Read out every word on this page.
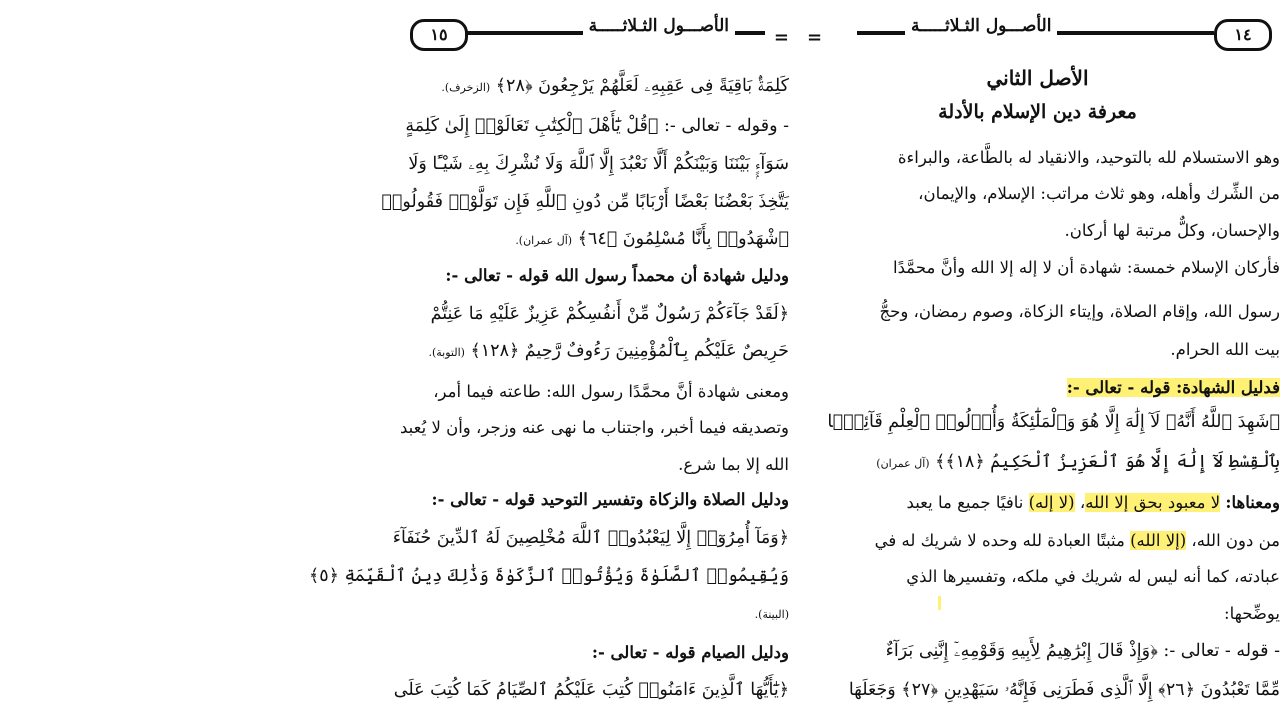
١٤
الأصـــول الثـلاثـــــة
=
الأصل الثاني
معرفة دين الإسلام بالأدلة
وهو الاستسلام لله بالتوحيد، والانقياد له بالطَّاعة، والبراءة
من الشِّرك وأهله، وهو ثلاث مراتب: الإسلام، والإيمان،
والإحسان، وكلٌّ مرتبة لها أركان.
فأركان الإسلام خمسة: شهادة أن لا إله إلا الله وأنَّ محمَّدًا
رسول الله، وإقام الصلاة، وإيتاء الزكاة، وصوم رمضان، وحجُّ
بيت الله الحرام.
فدليل الشهادة: قوله - تعالى -:
﴿شَهِدَ ٱللَّهُ أَنَّهُۥ لَآ إِلَٰهَ إِلَّا هُوَ وَٱلْمَلَٰٓئِكَةُ وَأُو۟لُوا۟ ٱلْعِلْمِ قَآئِمًۢا
بِٱلْقِسْطِ لَآ إِلَٰهَ إِلَّا هُوَ ٱلْعَزِيزُ ٱلْحَكِيمُ ﴿١٨﴾﴾ (آل عمران)
ومعناها: لا معبود بحق إلا الله، (لا إله) نافيًا جميع ما يعبد
من دون الله، (إلا الله) مثبتًا العبادة لله وحده لا شريك له في
عبادته، كما أنه ليس له شريك في ملكه، وتفسيرها الذي
يوضِّحها:
- قوله - تعالى -: ﴿وَإِذْ قَالَ إِبْرَٰهِيمُ لِأَبِيهِ وَقَوْمِهِۦٓ إِنَّنِى بَرَآءٌ
مِّمَّا تَعْبُدُونَ ﴿٢٦﴾ إِلَّا ٱلَّذِى فَطَرَنِى فَإِنَّهُۥ سَيَهْدِينِ ﴿٢٧﴾ وَجَعَلَهَا
=
الأصـــول الثـلاثـــــة
١٥
كَلِمَةًۢ بَاقِيَةً فِى عَقِبِهِۦ لَعَلَّهُمْ يَرْجِعُونَ ﴿٢٨﴾ (الزخرف).
- وقوله - تعالى -: ﴿قُلْ يَٰٓأَهْلَ ٱلْكِتَٰبِ تَعَالَوْا۟ إِلَىٰ كَلِمَةٍ
سَوَآءٍۭ بَيْنَنَا وَبَيْنَكُمْ أَلَّا نَعْبُدَ إِلَّا ٱللَّهَ وَلَا نُشْرِكَ بِهِۦ شَيْـًٔا وَلَا
يَتَّخِذَ بَعْضُنَا بَعْضًا أَرْبَابًا مِّن دُونِ ٱللَّهِ فَإِن تَوَلَّوْا۟ فَقُولُوا۟
ٱشْهَدُوا۟ بِأَنَّا مُسْلِمُونَ ﴿٦٤﴾ (آل عمران).
ودليل شهادة أن محمداً رسول الله قوله - تعالى -:
﴿لَقَدْ جَآءَكُمْ رَسُولٌ مِّنْ أَنفُسِكُمْ عَزِيزٌ عَلَيْهِ مَا عَنِتُّمْ
حَرِيصٌ عَلَيْكُم بِٱلْمُؤْمِنِينَ رَءُوفٌ رَّحِيمٌ ﴿١٢٨﴾ (التوبة).
ومعنى شهادة أنَّ محمَّدًا رسول الله: طاعته فيما أمر،
وتصديقه فيما أخبر، واجتناب ما نهى عنه وزجر، وأن لا يُعبد
الله إلا بما شرع.
ودليل الصلاة والزكاة وتفسير التوحيد قوله - تعالى -:
﴿وَمَآ أُمِرُوٓا۟ إِلَّا لِيَعْبُدُوا۟ ٱللَّهَ مُخْلِصِينَ لَهُ ٱلدِّينَ حُنَفَآءَ
وَيُقِيمُوا۟ ٱلصَّلَوٰةَ وَيُؤْتُوا۟ ٱلزَّكَوٰةَ وَذَٰلِكَ دِينُ ٱلْقَيِّمَةِ ﴿٥﴾
(البينة).
ودليل الصيام قوله - تعالى -:
﴿يَٰٓأَيُّهَا ٱلَّذِينَ ءَامَنُوا۟ كُتِبَ عَلَيْكُمُ ٱلصِّيَامُ كَمَا كُتِبَ عَلَى
